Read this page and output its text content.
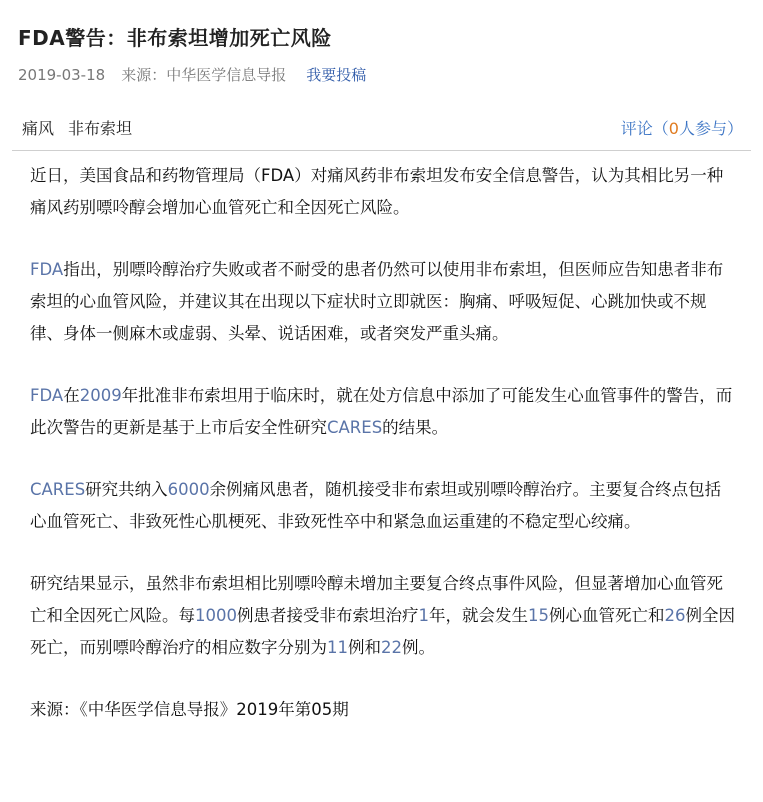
FDA警告：非布索坦增加死亡风险
2019-03-18 来源：中华医学信息导报 我要投稿
痛风 非布索坦	评论（0人参与）

近日，美国食品和药物管理局（FDA）对痛风药非布索坦发布安全信息警告，认为其相比另一种痛风药别嘌呤醇会增加心血管死亡和全因死亡风险。

FDA指出，别嘌呤醇治疗失败或者不耐受的患者仍然可以使用非布索坦，但医师应告知患者非布索坦的心血管风险，并建议其在出现以下症状时立即就医：胸痛、呼吸短促、心跳加快或不规律、身体一侧麻木或虚弱、头晕、说话困难，或者突发严重头痛。

FDA在2009年批准非布索坦用于临床时，就在处方信息中添加了可能发生心血管事件的警告，而此次警告的更新是基于上市后安全性研究CARES的结果。

CARES研究共纳入6000余例痛风患者，随机接受非布索坦或别嘌呤醇治疗。主要复合终点包括心血管死亡、非致死性心肌梗死、非致死性卒中和紧急血运重建的不稳定型心绞痛。

研究结果显示，虽然非布索坦相比别嘌呤醇未增加主要复合终点事件风险，但显著增加心血管死亡和全因死亡风险。每1000例患者接受非布索坦治疗1年，就会发生15例心血管死亡和26例全因死亡，而别嘌呤醇治疗的相应数字分别为11例和22例。

来源：《中华医学信息导报》2019年第05期
